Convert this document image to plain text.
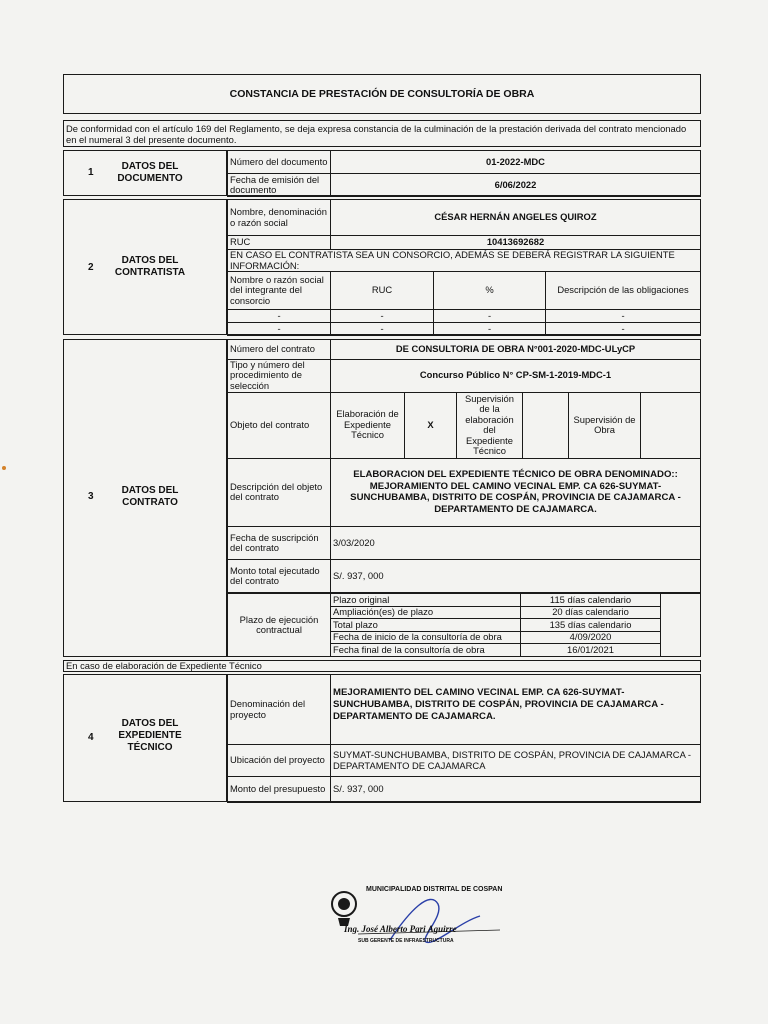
CONSTANCIA DE PRESTACIÓN DE CONSULTORÍA DE OBRA
De conformidad con el artículo 169 del Reglamento, se deja expresa constancia de la culminación de la prestación derivada del contrato mencionado en el numeral 3 del presente documento.
1
DATOS DEL DOCUMENTO
Número del documento	01-2022-MDC
Fecha de emisión del documento	6/06/2022
2
DATOS DEL CONTRATISTA
Nombre, denominación o razón social	CÉSAR HERNÁN ANGELES QUIROZ		
RUC	10413692682		
EN CASO EL CONTRATISTA SEA UN CONSORCIO, ADEMÁS SE DEBERÁ REGISTRAR LA SIGUIENTE INFORMACIÓN:			
Nombre o razón social del integrante del consorcio	RUC	%	Descripción de las obligaciones
-	-	-	-
-	-	-	-
3
DATOS DEL CONTRATO
Número del contrato	DE CONSULTORIA DE OBRA N°001-2020-MDC-ULyCP					
Tipo y número del procedimiento de selección	Concurso Público N° CP-SM-1-2019-MDC-1					
Objeto del contrato	Elaboración de Expediente Técnico	X	Supervisión de la elaboración del Expediente Técnico		Supervisión de Obra	
Descripción del objeto del contrato	ELABORACION DEL EXPEDIENTE TÉCNICO DE OBRA DENOMINADO:: MEJORAMIENTO DEL CAMINO VECINAL EMP. CA 626-SUYMAT-SUNCHUBAMBA, DISTRITO DE COSPÁN, PROVINCIA DE CAJAMARCA - DEPARTAMENTO DE CAJAMARCA.					
Fecha de suscripción del contrato	3/03/2020					
Monto total ejecutado del contrato	S/. 937, 000					
Plazo de ejecución contractual	Plazo original	115 días calendario	
	Ampliación(es) de plazo	20 días calendario	
	Total plazo	135 días calendario	
	Fecha de inicio de la consultoría de obra	4/09/2020	
	Fecha final de la consultoría de obra	16/01/2021	
En caso de elaboración de Expediente Técnico
4
DATOS DEL EXPEDIENTE TÉCNICO
Denominación del proyecto	MEJORAMIENTO DEL CAMINO VECINAL EMP. CA 626-SUYMAT-SUNCHUBAMBA, DISTRITO DE COSPÁN, PROVINCIA DE CAJAMARCA - DEPARTAMENTO DE CAJAMARCA.
Ubicación del proyecto	SUYMAT-SUNCHUBAMBA, DISTRITO DE COSPÁN, PROVINCIA DE CAJAMARCA - DEPARTAMENTO DE CAJAMARCA
Monto del presupuesto	S/. 937, 000
MUNICIPALIDAD DISTRITAL DE COSPAN
Ing. José Alberto Pari Aguirre
SUB GERENTE DE INFRAESTRUCTURA
